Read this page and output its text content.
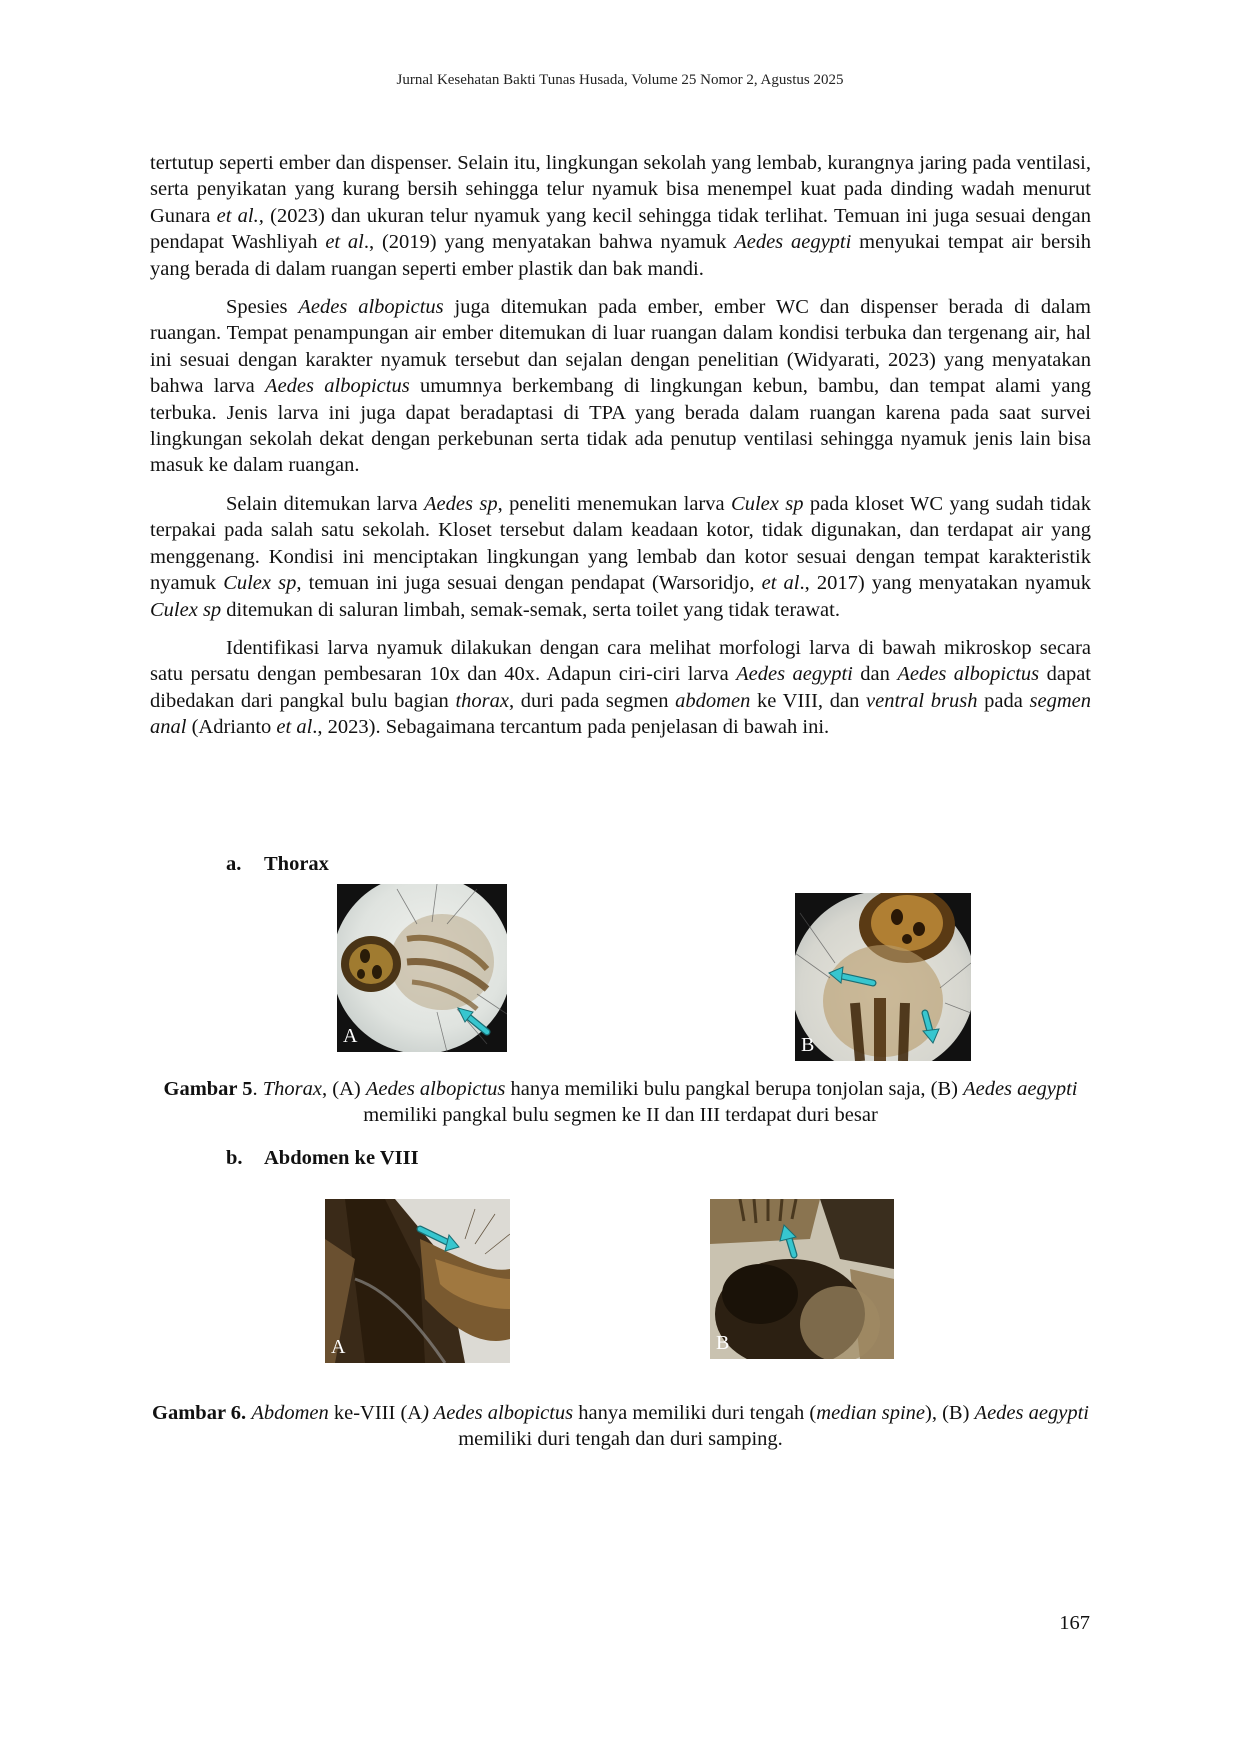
Jurnal Kesehatan Bakti Tunas Husada, Volume 25 Nomor 2, Agustus 2025

tertutup seperti ember dan dispenser. Selain itu, lingkungan sekolah yang lembab, kurangnya jaring pada ventilasi, serta penyikatan yang kurang bersih sehingga telur nyamuk bisa menempel kuat pada dinding wadah menurut Gunara et al., (2023) dan ukuran telur nyamuk yang kecil sehingga tidak terlihat. Temuan ini juga sesuai dengan pendapat Washliyah et al., (2019) yang menyatakan bahwa nyamuk Aedes aegypti menyukai tempat air bersih yang berada di dalam ruangan seperti ember plastik dan bak mandi.

Spesies Aedes albopictus juga ditemukan pada ember, ember WC dan dispenser berada di dalam ruangan. Tempat penampungan air ember ditemukan di luar ruangan dalam kondisi terbuka dan tergenang air, hal ini sesuai dengan karakter nyamuk tersebut dan sejalan dengan penelitian (Widyarati, 2023) yang menyatakan bahwa larva Aedes albopictus umumnya berkembang di lingkungan kebun, bambu, dan tempat alami yang terbuka. Jenis larva ini juga dapat beradaptasi di TPA yang berada dalam ruangan karena pada saat survei lingkungan sekolah dekat dengan perkebunan serta tidak ada penutup ventilasi sehingga nyamuk jenis lain bisa masuk ke dalam ruangan.

Selain ditemukan larva Aedes sp, peneliti menemukan larva Culex sp pada kloset WC yang sudah tidak terpakai pada salah satu sekolah. Kloset tersebut dalam keadaan kotor, tidak digunakan, dan terdapat air yang menggenang. Kondisi ini menciptakan lingkungan yang lembab dan kotor sesuai dengan tempat karakteristik nyamuk Culex sp, temuan ini juga sesuai dengan pendapat (Warsoridjo, et al., 2017) yang menyatakan nyamuk Culex sp ditemukan di saluran limbah, semak-semak, serta toilet yang tidak terawat.

Identifikasi larva nyamuk dilakukan dengan cara melihat morfologi larva di bawah mikroskop secara satu persatu dengan pembesaran 10x dan 40x. Adapun ciri-ciri larva Aedes aegypti dan Aedes albopictus dapat dibedakan dari pangkal bulu bagian thorax, duri pada segmen abdomen ke VIII, dan ventral brush pada segmen anal (Adrianto et al., 2023). Sebagaimana tercantum pada penjelasan di bawah ini.

a. Thorax
A	B
Gambar 5. Thorax, (A) Aedes albopictus hanya memiliki bulu pangkal berupa tonjolan saja, (B) Aedes aegypti memiliki pangkal bulu segmen ke II dan III terdapat duri besar
b. Abdomen ke VIII
A	B
Gambar 6. Abdomen ke-VIII (A) Aedes albopictus hanya memiliki duri tengah (median spine), (B) Aedes aegypti memiliki duri tengah dan duri samping.
167
